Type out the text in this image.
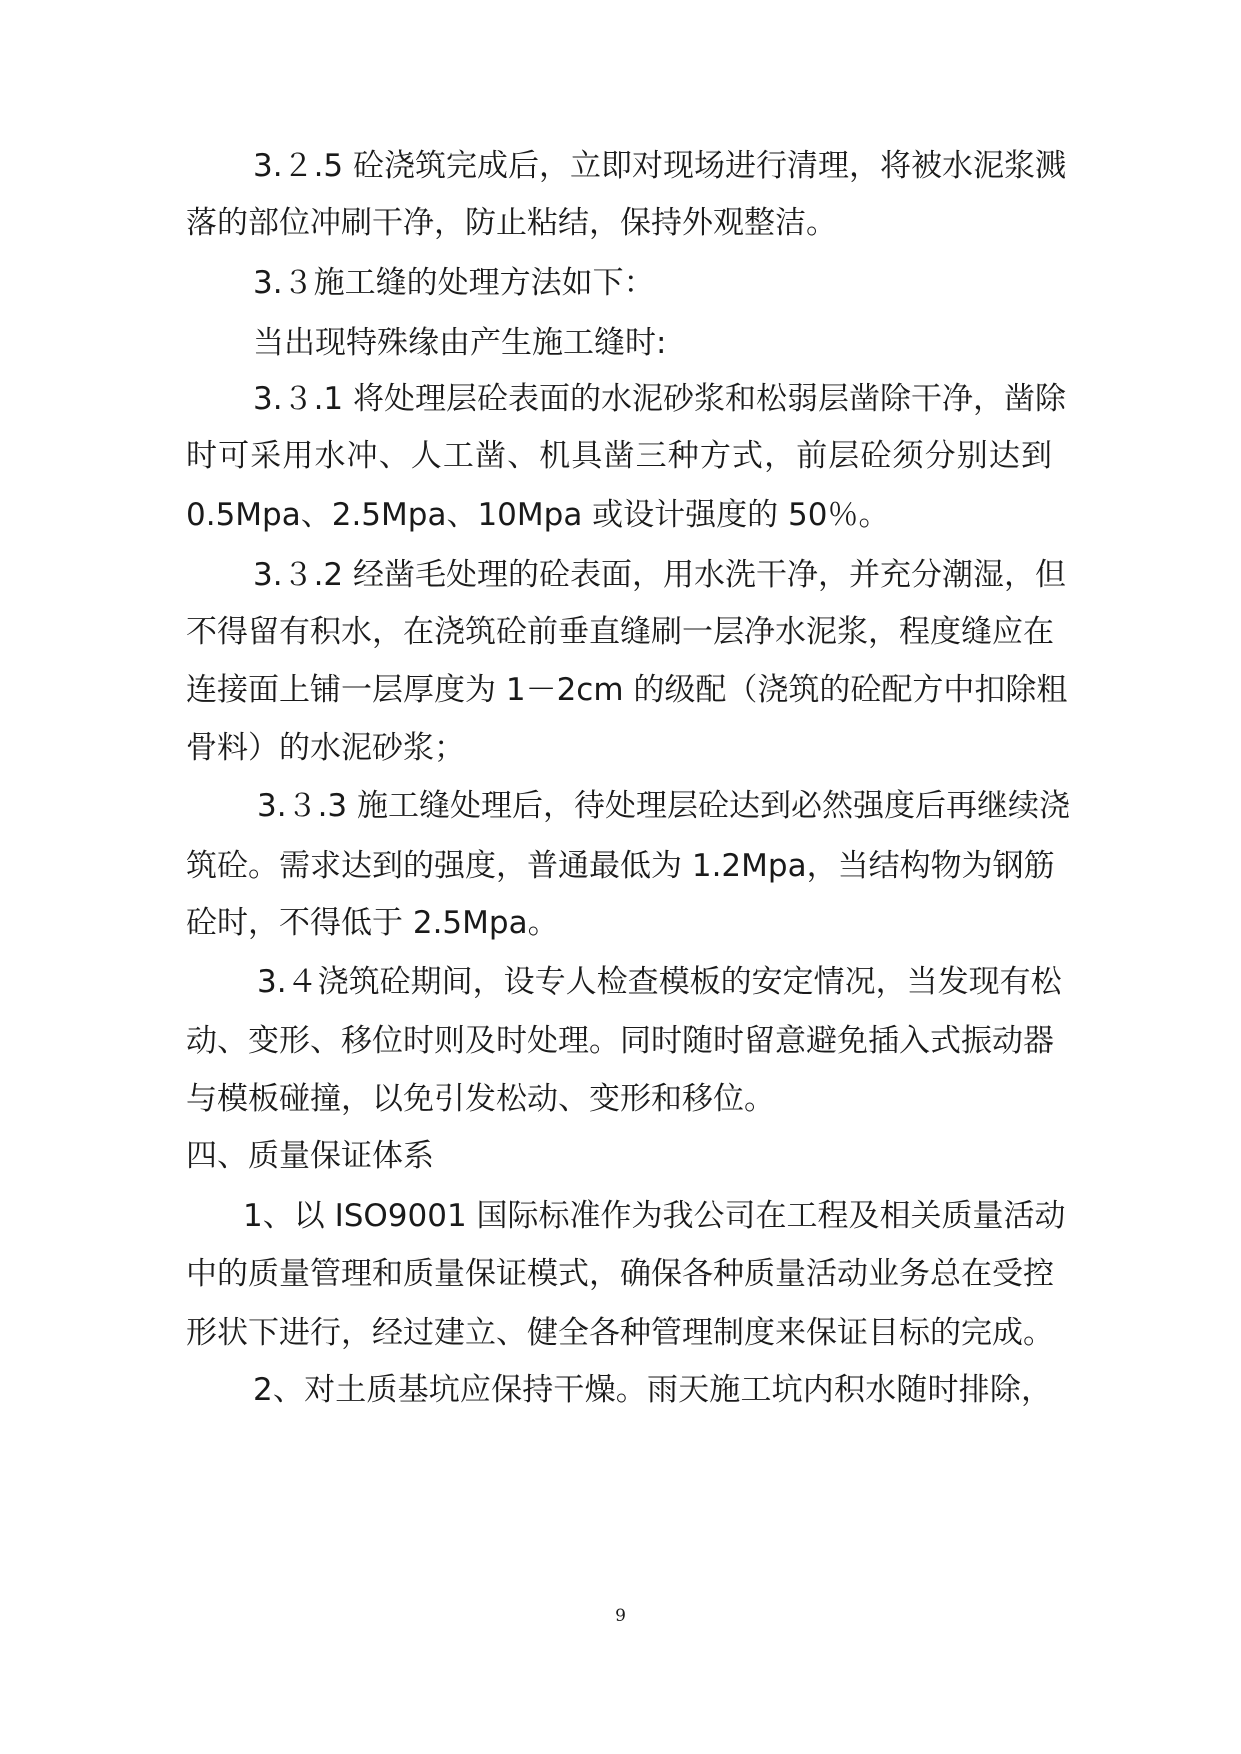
3.２.5 砼浇筑完成后，立即对现场进行清理，将被水泥浆溅
落的部位冲刷干净，防止粘结，保持外观整洁。
3.３施工缝的处理方法如下：
当出现特殊缘由产生施工缝时:
3.３.1 将处理层砼表面的水泥砂浆和松弱层凿除干净，凿除
时可采用水冲、人工凿、机具凿三种方式，前层砼须分别达到
0.5Mpa、2.5Mpa、10Mpa 或设计强度的 50％。
3.３.2 经凿毛处理的砼表面，用水洗干净，并充分潮湿，但
不得留有积水，在浇筑砼前垂直缝刷一层净水泥浆，程度缝应在
连接面上铺一层厚度为 1－2cm 的级配（浇筑的砼配方中扣除粗
骨料）的水泥砂浆；
3.３.3 施工缝处理后，待处理层砼达到必然强度后再继续浇
筑砼。需求达到的强度，普通最低为 1.2Mpa，当结构物为钢筋
砼时，不得低于 2.5Mpa。
3.４浇筑砼期间，设专人检查模板的安定情况，当发现有松
动、变形、移位时则及时处理。同时随时留意避免插入式振动器
与模板碰撞，以免引发松动、变形和移位。
四、质量保证体系
1、以 ISO9001 国际标准作为我公司在工程及相关质量活动
中的质量管理和质量保证模式，确保各种质量活动业务总在受控
形状下进行，经过建立、健全各种管理制度来保证目标的完成。
2、对土质基坑应保持干燥。雨天施工坑内积水随时排除，
9
